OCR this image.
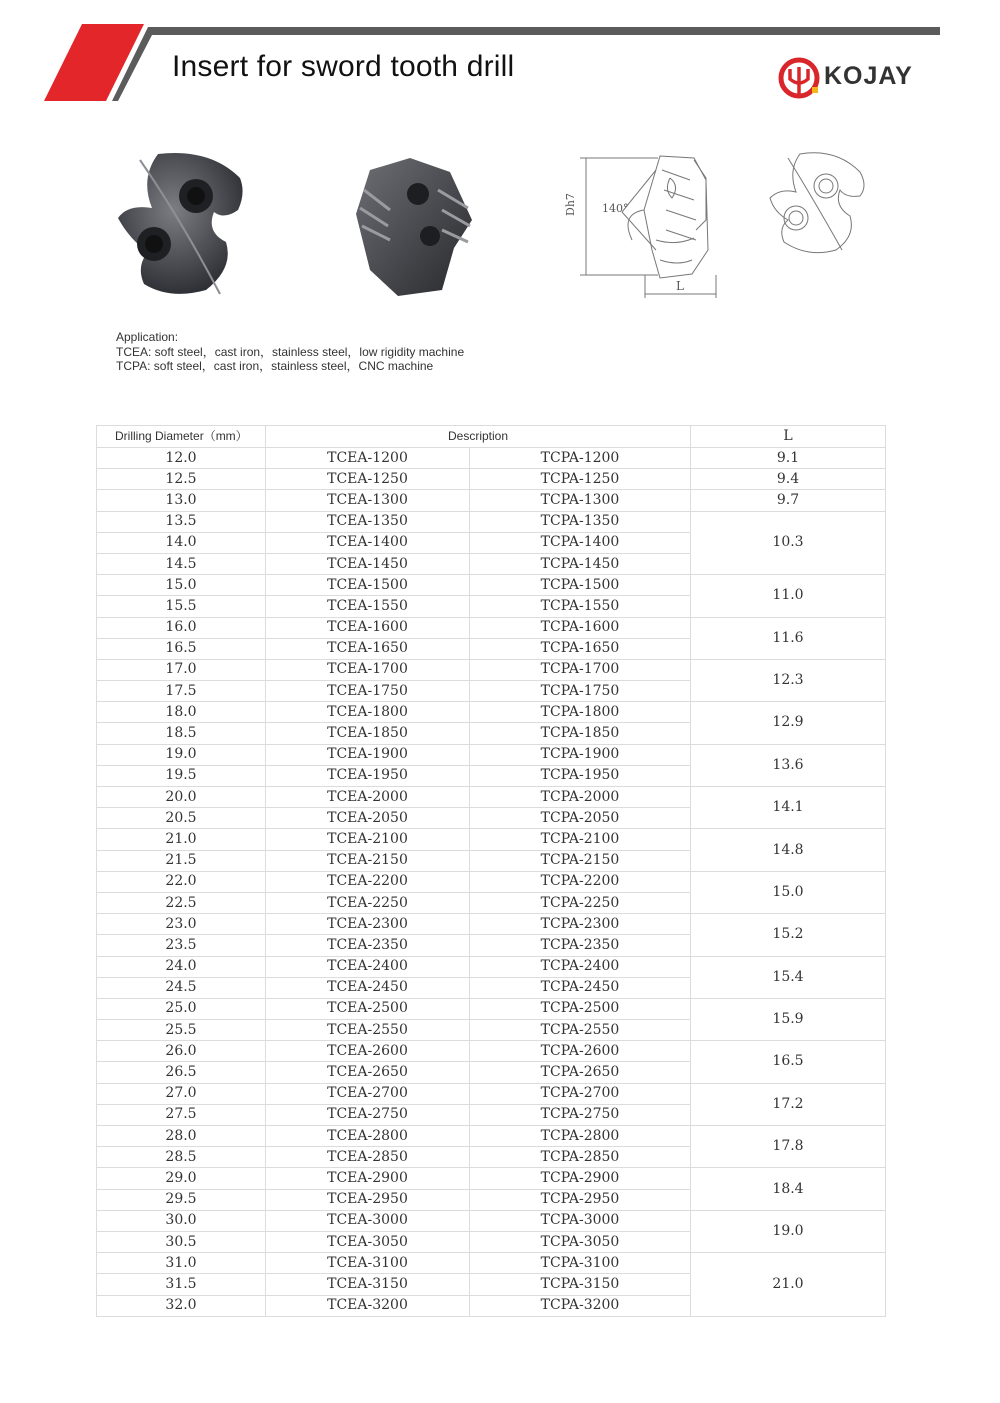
Insert for sword tooth drill	KOJAY
Dh7 140°
L
Application:
TCEA: soft steel，cast iron，stainless steel，low rigidity machine
TCPA: soft steel，cast iron，stainless steel，CNC machine
Drilling Diameter（mm）	Description		L
12.0	TCEA-1200	TCPA-1200	9.1
12.5	TCEA-1250	TCPA-1250	9.4
13.0	TCEA-1300	TCPA-1300	9.7
13.5	TCEA-1350	TCPA-1350	10.3
14.0	TCEA-1400	TCPA-1400	
14.5	TCEA-1450	TCPA-1450	
15.0	TCEA-1500	TCPA-1500	11.0
15.5	TCEA-1550	TCPA-1550	
16.0	TCEA-1600	TCPA-1600	11.6
16.5	TCEA-1650	TCPA-1650	
17.0	TCEA-1700	TCPA-1700	12.3
17.5	TCEA-1750	TCPA-1750	
18.0	TCEA-1800	TCPA-1800	12.9
18.5	TCEA-1850	TCPA-1850	
19.0	TCEA-1900	TCPA-1900	13.6
19.5	TCEA-1950	TCPA-1950	
20.0	TCEA-2000	TCPA-2000	14.1
20.5	TCEA-2050	TCPA-2050	
21.0	TCEA-2100	TCPA-2100	14.8
21.5	TCEA-2150	TCPA-2150	
22.0	TCEA-2200	TCPA-2200	15.0
22.5	TCEA-2250	TCPA-2250	
23.0	TCEA-2300	TCPA-2300	15.2
23.5	TCEA-2350	TCPA-2350	
24.0	TCEA-2400	TCPA-2400	15.4
24.5	TCEA-2450	TCPA-2450	
25.0	TCEA-2500	TCPA-2500	15.9
25.5	TCEA-2550	TCPA-2550	
26.0	TCEA-2600	TCPA-2600	16.5
26.5	TCEA-2650	TCPA-2650	
27.0	TCEA-2700	TCPA-2700	17.2
27.5	TCEA-2750	TCPA-2750	
28.0	TCEA-2800	TCPA-2800	17.8
28.5	TCEA-2850	TCPA-2850	
29.0	TCEA-2900	TCPA-2900	18.4
29.5	TCEA-2950	TCPA-2950	
30.0	TCEA-3000	TCPA-3000	19.0
30.5	TCEA-3050	TCPA-3050	
31.0	TCEA-3100	TCPA-3100	21.0
31.5	TCEA-3150	TCPA-3150	
32.0	TCEA-3200	TCPA-3200	
